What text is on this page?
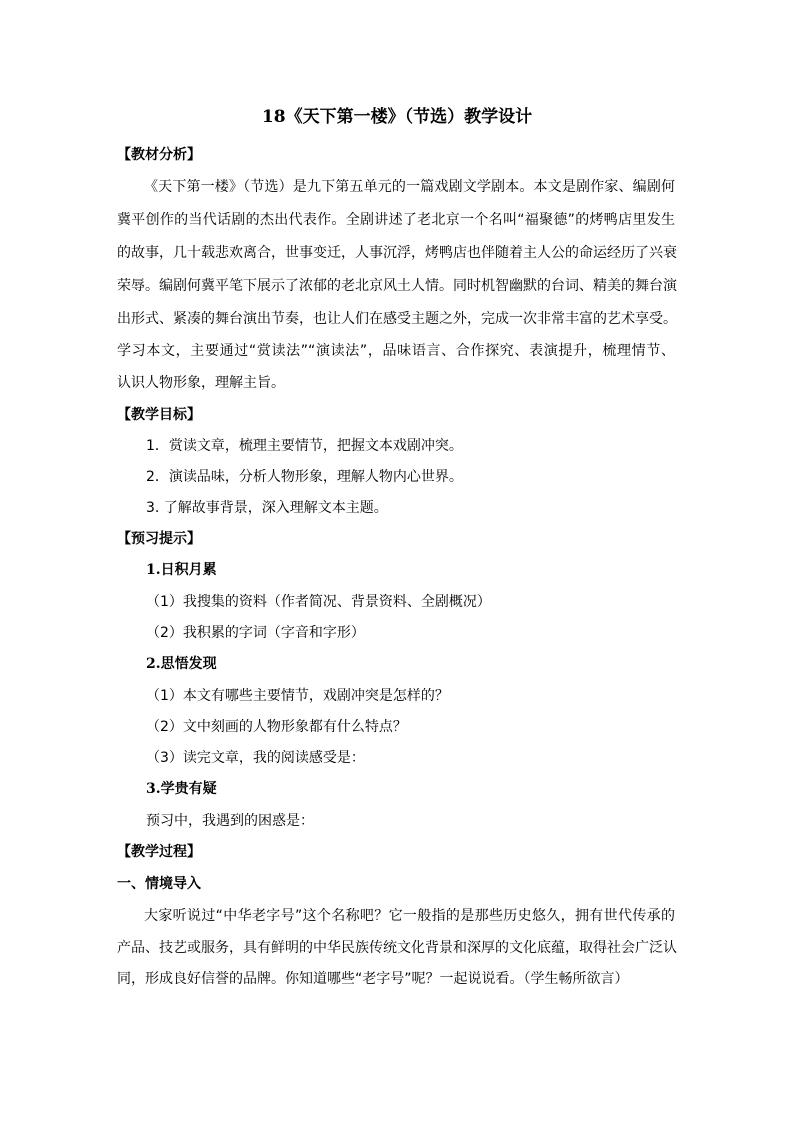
18《天下第一楼》（节选）教学设计
【教材分析】
《天下第一楼》（节选）是九下第五单元的一篇戏剧文学剧本。本文是剧作家、编剧何
冀平创作的当代话剧的杰出代表作。全剧讲述了老北京一个名叫“福聚德”的烤鸭店里发生
的故事，几十载悲欢离合，世事变迁，人事沉浮，烤鸭店也伴随着主人公的命运经历了兴衰
荣辱。编剧何冀平笔下展示了浓郁的老北京风土人情。同时机智幽默的台词、精美的舞台演
出形式、紧凑的舞台演出节奏，也让人们在感受主题之外，完成一次非常丰富的艺术享受。
学习本文，主要通过“赏读法”“演读法”，品味语言、合作探究、表演提升，梳理情节、
认识人物形象，理解主旨。
【教学目标】
1．赏读文章，梳理主要情节，把握文本戏剧冲突。
2．演读品味，分析人物形象，理解人物内心世界。
3. 了解故事背景，深入理解文本主题。
【预习提示】
1.日积月累
（1）我搜集的资料（作者简况、背景资料、全剧概况）
（2）我积累的字词（字音和字形）
2.思悟发现
（1）本文有哪些主要情节，戏剧冲突是怎样的？
（2）文中刻画的人物形象都有什么特点？
（3）读完文章，我的阅读感受是：
3.学贵有疑
预习中，我遇到的困惑是：
【教学过程】
一、情境导入
大家听说过“中华老字号”这个名称吧？它一般指的是那些历史悠久，拥有世代传承的
产品、技艺或服务，具有鲜明的中华民族传统文化背景和深厚的文化底蕴，取得社会广泛认
同，形成良好信誉的品牌。你知道哪些“老字号”呢？一起说说看。（学生畅所欲言）
